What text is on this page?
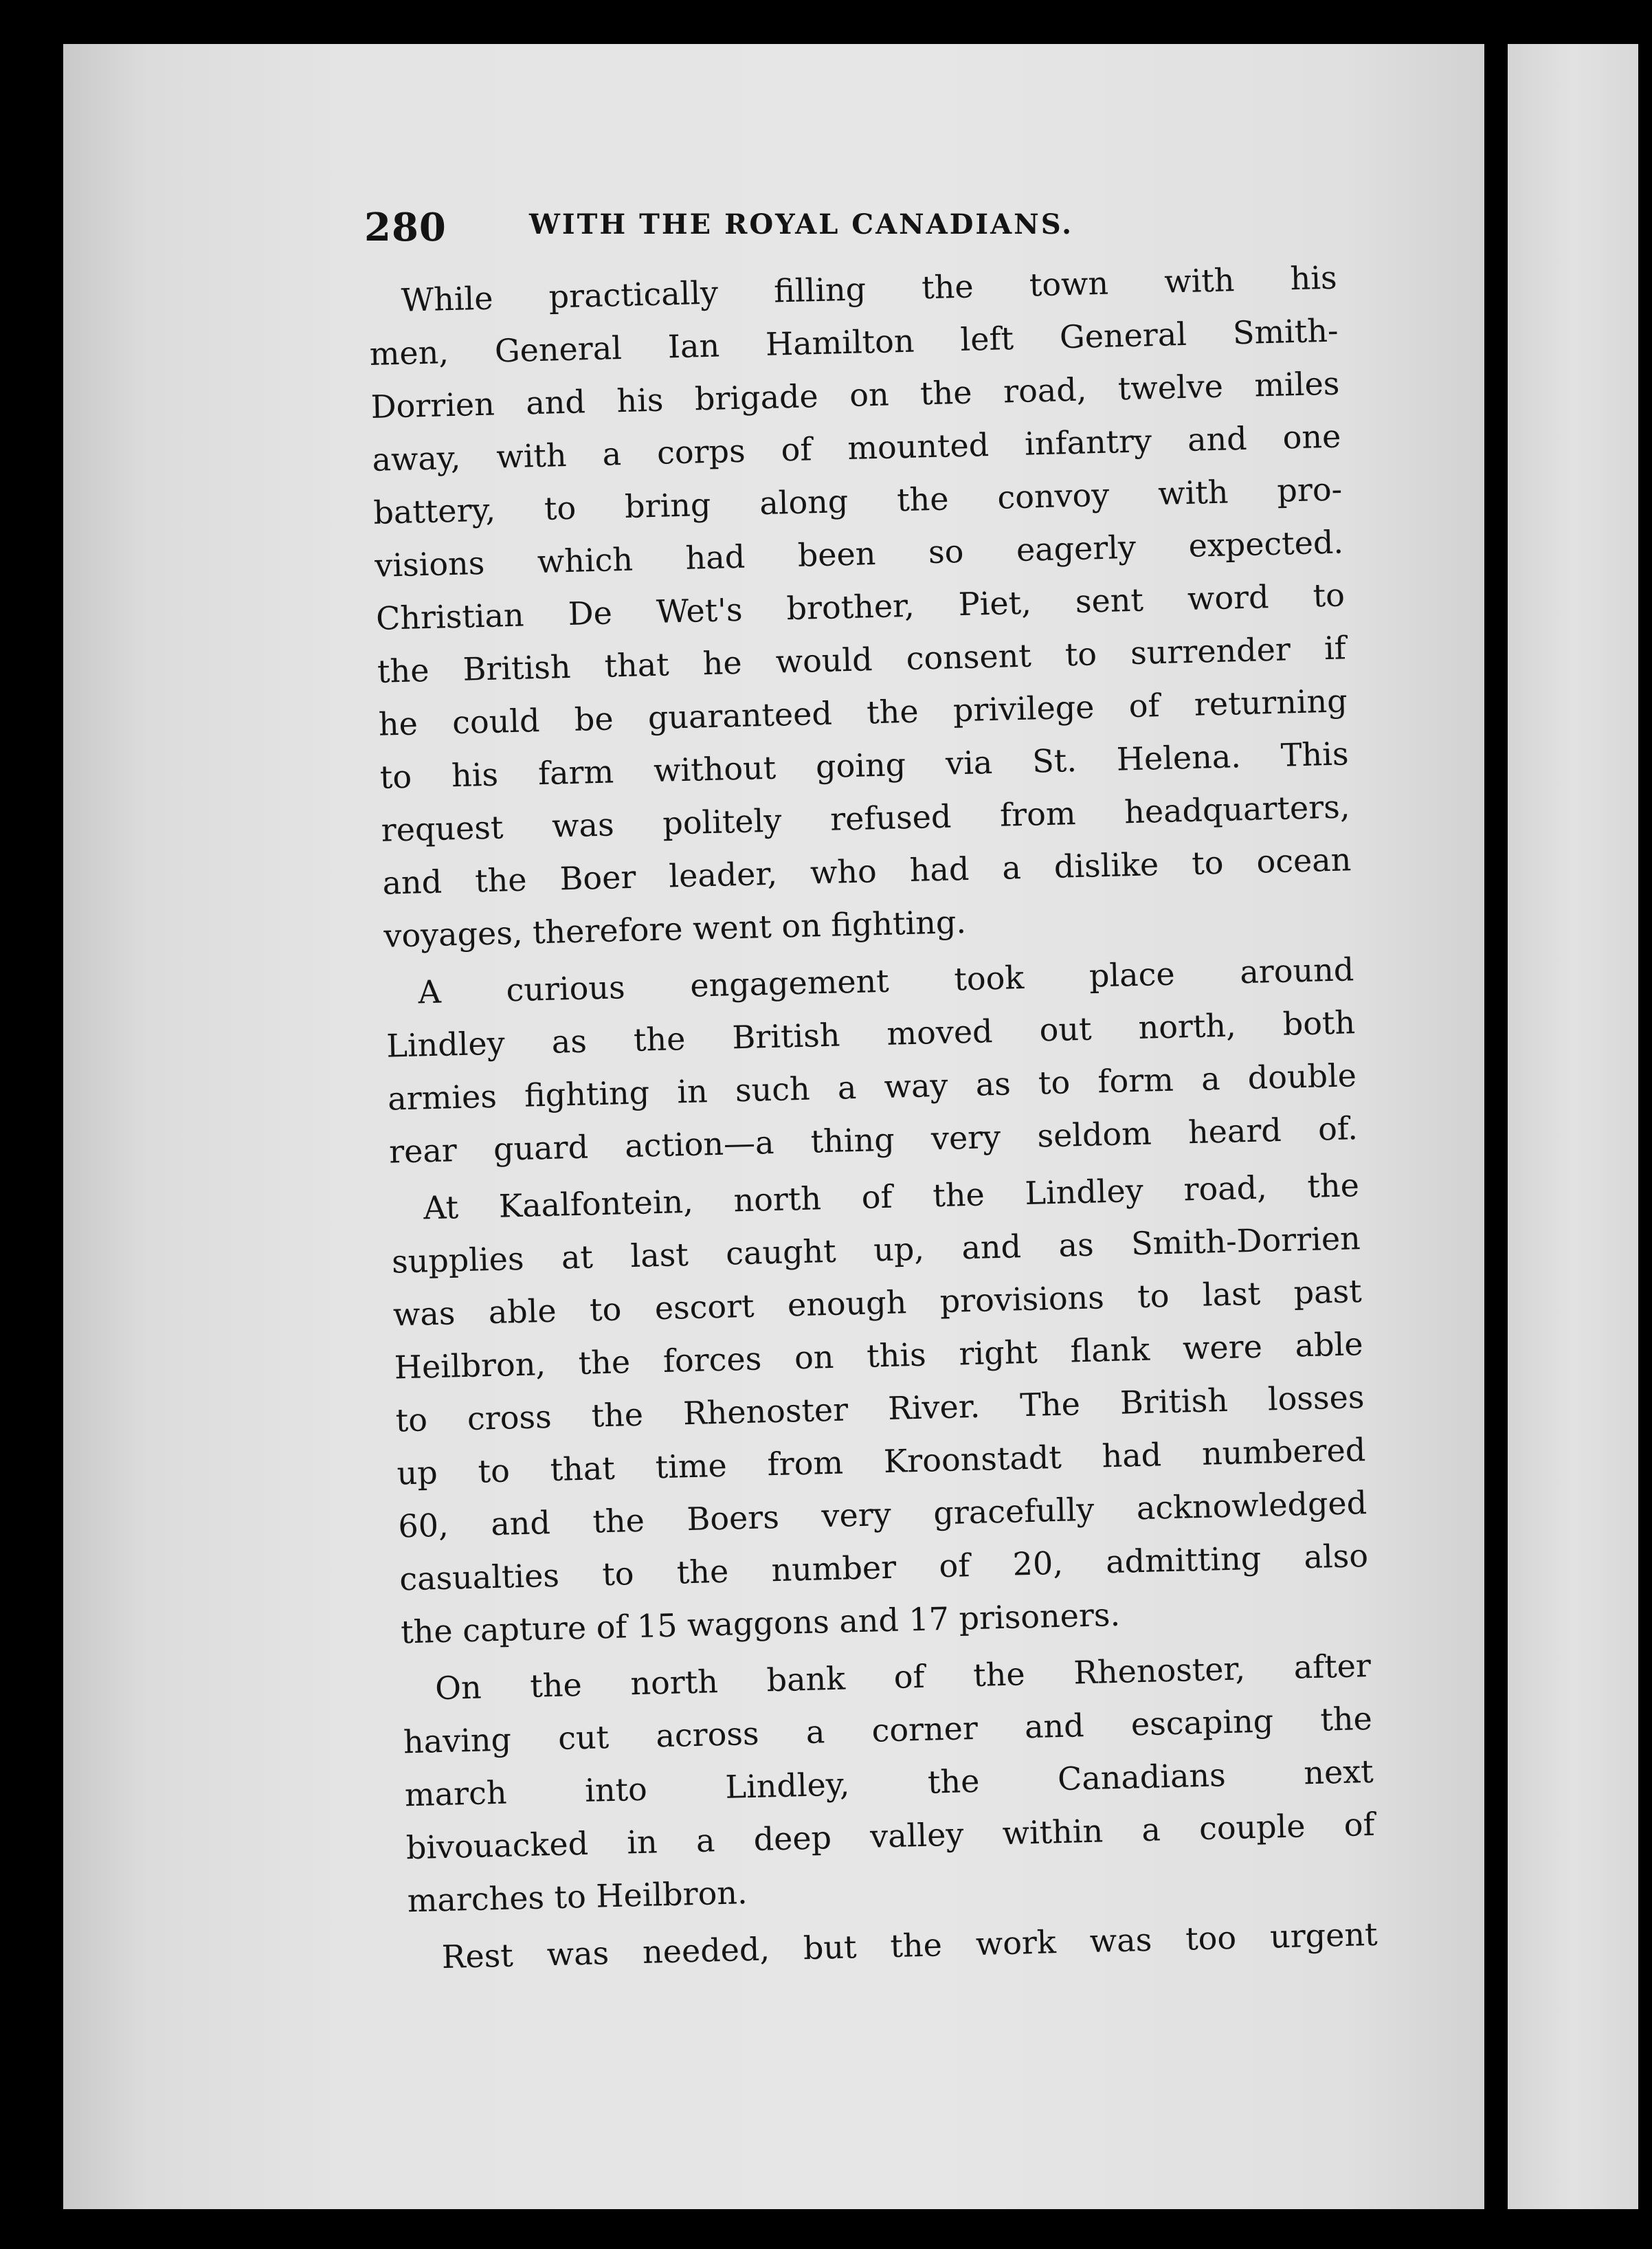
280	WITH THE ROYAL CANADIANS.
While practically filling the town with his
men, General Ian Hamilton left General Smith-
Dorrien and his brigade on the road, twelve miles
away, with a corps of mounted infantry and one
battery, to bring along the convoy with pro-
visions which had been so eagerly expected.
Christian De Wet's brother, Piet, sent word to
the British that he would consent to surrender if
he could be guaranteed the privilege of returning
to his farm without going via St. Helena. This
request was politely refused from headquarters,
and the Boer leader, who had a dislike to ocean
voyages, therefore went on fighting.
A curious engagement took place around
Lindley as the British moved out north, both
armies fighting in such a way as to form a double
rear guard action—a thing very seldom heard of.
At Kaalfontein, north of the Lindley road, the
supplies at last caught up, and as Smith-Dorrien
was able to escort enough provisions to last past
Heilbron, the forces on this right flank were able
to cross the Rhenoster River. The British losses
up to that time from Kroonstadt had numbered
60, and the Boers very gracefully acknowledged
casualties to the number of 20, admitting also
the capture of 15 waggons and 17 prisoners.
On the north bank of the Rhenoster, after
having cut across a corner and escaping the
march into Lindley, the Canadians next
bivouacked in a deep valley within a couple of
marches to Heilbron.
Rest was needed, but the work was too urgent
